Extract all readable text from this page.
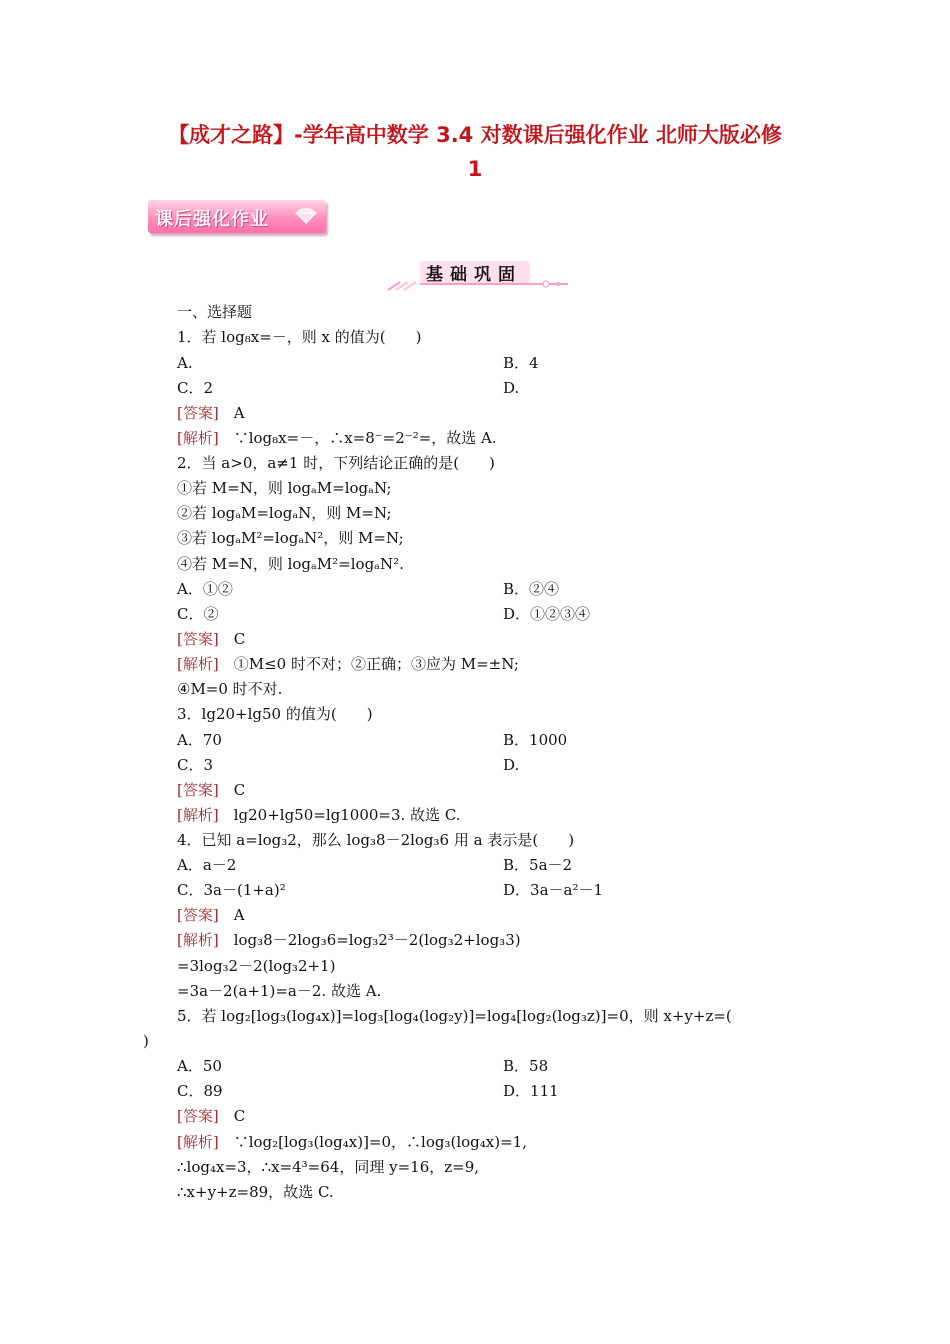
【成才之路】-学年高中数学 3.4 对数课后强化作业 北师大版必修
1
课后强化作业
基础巩固
一、选择题
1．若 log₈x=－，则 x 的值为(　　)
A.	B．4
C．2	D.
[答案]　A
[解析]　∵log₈x=－，∴x=8⁻=2⁻²=，故选 A.
2．当 a>0，a≠1 时，下列结论正确的是(　　)
①若 M=N，则 logₐM=logₐN;
②若 logₐM=logₐN，则 M=N;
③若 logₐM²=logₐN²，则 M=N;
④若 M=N，则 logₐM²=logₐN².
A．①②	B．②④
C．②	D．①②③④
[答案]　C
[解析]　①M≤0 时不对；②正确；③应为 M=±N;
④M=0 时不对.
3．lg20+lg50 的值为(　　)
A．70	B．1000
C．3	D.
[答案]　C
[解析]　lg20+lg50=lg1000=3. 故选 C.
4．已知 a=log₃2，那么 log₃8－2log₃6 用 a 表示是(　　)
A．a－2	B．5a－2
C．3a－(1+a)²	D．3a－a²－1
[答案]　A
[解析]　log₃8－2log₃6=log₃2³－2(log₃2+log₃3)
=3log₃2－2(log₃2+1)
=3a－2(a+1)=a－2. 故选 A.
5．若 log₂[log₃(log₄x)]=log₃[log₄(log₂y)]=log₄[log₂(log₃z)]=0，则 x+y+z=(
)
A．50	B．58
C．89	D．111
[答案]　C
[解析]　∵log₂[log₃(log₄x)]=0，∴log₃(log₄x)=1,
∴log₄x=3，∴x=4³=64，同理 y=16，z=9,
∴x+y+z=89，故选 C.
